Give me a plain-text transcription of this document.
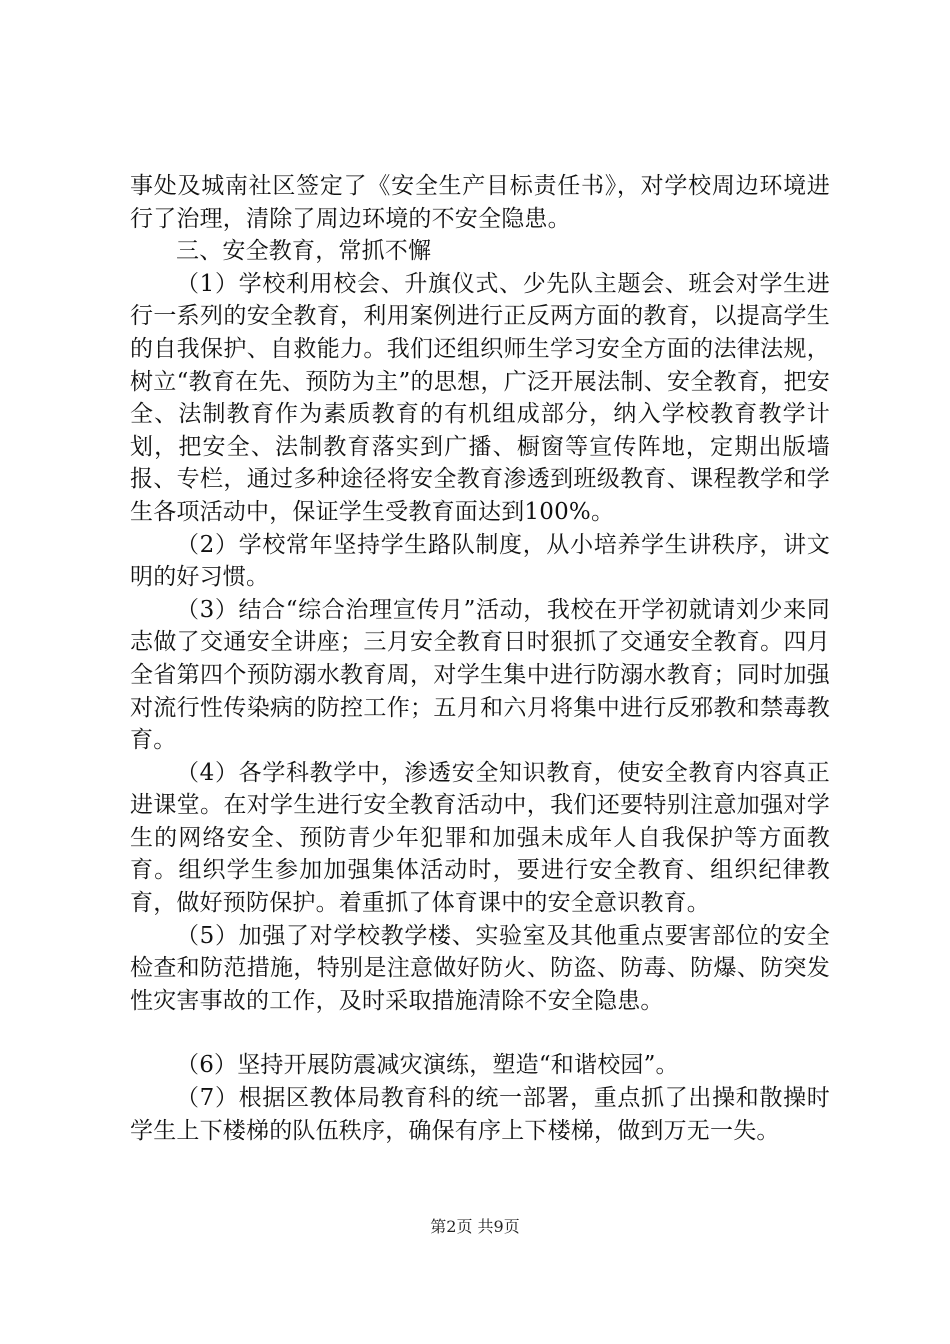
事处及城南社区签定了《安全生产目标责任书》，对学校周边环境进行了治理，清除了周边环境的不安全隐患。

三、安全教育，常抓不懈

（1）学校利用校会、升旗仪式、少先队主题会、班会对学生进行一系列的安全教育，利用案例进行正反两方面的教育，以提高学生的自我保护、自救能力。我们还组织师生学习安全方面的法律法规，树立“教育在先、预防为主”的思想，广泛开展法制、安全教育，把安全、法制教育作为素质教育的有机组成部分，纳入学校教育教学计划，把安全、法制教育落实到广播、橱窗等宣传阵地，定期出版墙报、专栏，通过多种途径将安全教育渗透到班级教育、课程教学和学生各项活动中，保证学生受教育面达到100%。

（2）学校常年坚持学生路队制度，从小培养学生讲秩序，讲文明的好习惯。

（3）结合“综合治理宣传月”活动，我校在开学初就请刘少来同志做了交通安全讲座；三月安全教育日时狠抓了交通安全教育。四月全省第四个预防溺水教育周，对学生集中进行防溺水教育；同时加强对流行性传染病的防控工作；五月和六月将集中进行反邪教和禁毒教育。

（4）各学科教学中，渗透安全知识教育，使安全教育内容真正进课堂。在对学生进行安全教育活动中，我们还要特别注意加强对学生的网络安全、预防青少年犯罪和加强未成年人自我保护等方面教育。组织学生参加加强集体活动时，要进行安全教育、组织纪律教育，做好预防保护。着重抓了体育课中的安全意识教育。

（5）加强了对学校教学楼、实验室及其他重点要害部位的安全检查和防范措施，特别是注意做好防火、防盗、防毒、防爆、防突发性灾害事故的工作，及时采取措施清除不安全隐患。

（6）坚持开展防震减灾演练，塑造“和谐校园”。

（7）根据区教体局教育科的统一部署，重点抓了出操和散操时学生上下楼梯的队伍秩序，确保有序上下楼梯，做到万无一失。

第2页 共9页
